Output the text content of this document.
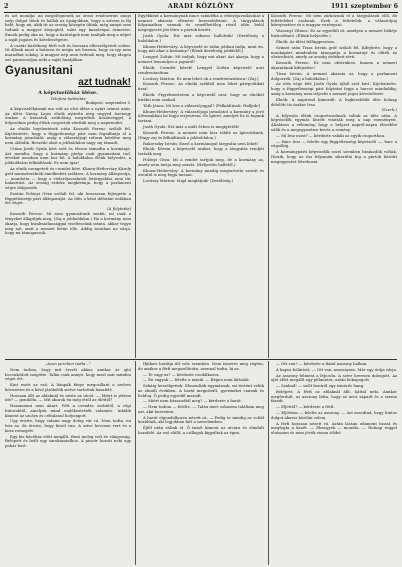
2	ARADI KÖZLÖNY	1911 szeptember 6

és azt mondja: mi megölégnenek az orosz rendszerint annyi szép dolgot látok és hallok az újságokban, hogy a szívem is fáj belé, hogy mi, akik itt az ország közepén ülünk, még annyit sem tudunk a magyar közjogból, mint egy kaszárnyai őrmester. Ennek pedig oka az, hogy a hatóságok nem tanítják meg a népet a saját jogaira és kötelességeire.

A csatár közlékony férfi volt és hosszan elbeszélgetett velem. Itt állunk most a határon és mégis azt hiszem, hogy ez igy nem maradhat sokáig. A magyar nép nem érdemli meg, hogy idegen szó parancsoljon neki a saját hazájában.

Gyanusitani
azt tudnak!
A képviselőház ülése.
Telefoni tudósitás
Budapest, szeptember 5.

A képviselőháznak ma volt az első ülése a nyári szünet után. Az ülést Navay Lajos elnök nyitotta meg negyed tizenegy órakor. A karzatok zsúfolásig megteltek közönséggel, a folyosókon pedig élénk csoportok vitatták meg a napirendet.

Az elnöki bejelentések után Kossuth Ferenc szólalt fel. Kijelentette, hogy a függetlenségi párt nem fogadhatja el a kormány javaslatát, amíg a választójogi reform kérdése meg nem oldódik. Beszéde alatt a jobboldalon nagy zaj támadt.

Utána Justh Gyula kért szót és élesen támadta a kormányt. Azt mondta, hogy a kormány pártja csak gyanusitani tud, érveket azonban nem hoz fel. A baloldalon élénk helyeslés, a jobboldalon felkiáltások: Ez nem igaz!

Az elnök csengetett és csendet kért. Khuen-Héderváry Károly gróf miniszterelnök emelkedett szólásra. A kormány álláspontja, — mondotta — hogy a véderőjavaslatok letárgyalása nem tűr halasztást. Az ország érdeke megkívánja, hogy a parlament végre dolgozzék.

Ezután Polónyi Géza szólalt fel, aki hosszasan fejtegette a függetlenségi párt álláspontját. Az ülés a késő délutáni órákban ért véget.

(A folytatás)

Kossuth Ferenc: Mi nem gyanusítunk senkit, mi csak a tényeket állapítjuk meg. (Zaj a jobboldalon.) Ha a kormány nem akarja, hogy bizalmatlansággal viseltessünk iránta, akkor tegye meg azt, amit a nemzet kíván tőle. Addig azonban ne várja, hogy mi támogassuk.

Egyébként a kormánynak nincs szándéka a véderőjavaslatokat a nemzet akarata ellenére keresztülvinni. A tárgyalások folyamatban vannak és remélhetőleg rövid időn belül megegyezés jön létre a pártok között.

Justh Gyula: Ezt már sokszor hallottuk! (Derültség a baloldalon.)

Khuen-Héderváry: A képviselő úr talán jobban tudja, mint én, hogy mit akar a kormány? (Élénk derültség jobbfelől.)

Lengyel Zoltán: Mi tudjuk, hogy mit akar! Azt akarja, hogy a nemzet lemondjon a jogairól!

Elnök: Csendet kérek! Lengyel Zoltán képviselő urat rendreutasítom.

Lovászy Márton: Ez nem lehet ok a rendreutasításra! (Zaj.)

Kossuth Ferenc: Az elnöki székből nem lehet pártpolitikát űzni!

Elnök: Figyelmeztetem a képviselő urat, hogy az elnököt bírálni nem szabad.

Tóth János: Mi lesz a választójoggal? (Felkiáltások: Halljuk!)

Khuen-Héderváry: A választójogi javaslatot a kormány a jövő ülésszakban be fogja terjeszteni. Ez ígéret, amelyet be is fogunk tartani.

Justh Gyula: Ezt már a múlt évben is megígérték!

Kossuth Ferenc: A nemzet nem hisz többé az ígéreteknek. (Nagy zaj és felkiáltások a jobboldalon.)

Rakovszky István: Ezzel a kormánnyal tárgyalni nem lehet!

Elnök: Kérem a képviselő urakat, hogy a tárgyalás rendjét tartsák meg.

Polónyi Géza: Mi a rendet tartjuk meg, de a kormány az, amely nem tartja meg szavát. (Helyeslés balfelől.)

Khuen-Héderváry: A kormány mindig megtartotta szavát és ezentúl is meg fogja tartani.

Lovászy Márton: Majd meglátjuk! (Derültség.)

Kossuth Ferenc: Mi nem zárkózunk el a tárgyalások elől, de feltételeket szabunk. Ezek a feltételek: a választójog kiterjesztése és a magyar vezényszó.

Vázsonyi Vilmos: Ez az egyedüli út, amelyen a nemzet békéje biztosítható. (Élénk helyeslés.)

Elnök: Az ülést felfüggesztem.

Szünet után Tisza István gróf szólalt fel. Kifejtette, hogy a munkapárt mindenben támogatja a kormányt és elítéli az obstrukciót, amely az ország érdekeit sérti.

Kossuth Ferenc: Ez nem obstrukció, hanem a nemzet akaratának kifejezése!

Tisza István: A nemzet akarata az, hogy a parlament dolgozzék. (Zaj a baloldalon.)

Az ülés vége felé Justh Gyula újból szót kért. Kijelentette, hogy a függetlenségi párt folytatni fogja a harcot mindaddig, amíg a kormány nem teljesíti a nemzet jogos követeléseit.

Elnök: A napirend kimerült. A legközelebbi ülés holnap délelőtt tíz órakor lesz.

(Szerk.)

A folyosón élénk csoportosulások voltak az ülés után. A képviselők egymás között vitatták meg a nap eseményeit. Általános a vélemény, hogy a helyzet napról-napra élesebbé válik és a megegyezésre kevés a remény.

— Mi lesz most? — kérdezte valaki az egyik csoportban.

— Harc lesz — felelte egy függetlenségi képviselő —, harc a végsőkig.

A kormánypárti képviselők ezzel szemben bizakodók voltak. Hiszik, hogy az ősz folyamán sikerülni fog a pártok közötti megegyezést létrehozni.

„Azon percben tudta..."

Nem tudom, hogy mit érzett akkor, amikor az ajtó becsukódott mögötte. Talán csak annyit, hogy most már minden véget ért.

Kint esett az eső. A lámpák fénye megcsillant a nedves kövezeten és a késő járókelők sietve tartottak hazafelé.

Hosszan állt az ablaknál és nézte az utcát. — Miért is jöttem ide? — gondolta. — Mit akarok én még ettől az élettől?

Hazamenni nem akart. Félt a csendes szobától, a régi bútoroktól, amelyek mind emlékeztették valamire. Inkább kiment az utcára és céltalanul bolyongott.

Ugy érezte, hogy valami nagy dolog vár rá. Nem tudta, mi lesz az, de érezte, hogy közel van. A szíve hevesen vert és a keze remegett.

Egy kis kávéház előtt megállt. Bent meleg volt és világosság. Belépett és leült egy sarokasztalhoz. A pincér hozott neki egy pohár bort.

Ifjúkori barátja ült vele szemben. Nem ismerte meg rögtön, de amikor a férfi megszólította, azonnal tudta, ki az.

— Te vagy az? — kérdezte csodálkozva.

— Én vagyok — felelte a másik. — Régen nem láttalak.

Sokáig beszélgettek. Elmondták egymásnak, mi történt velük az elmúlt években. A barát megnősült, gyermekei vannak és boldog. Ő pedig egyedül maradt.

— Miért nem házasodtál meg? — kérdezte a barát.

— Nem tudom — felelte. — Talán mert sohasem találtam meg azt, akit kerestem.

A barát elgondolkozva nézett rá. — Pedig te mindig az voltál közülünk, aki legjobban hitt a szerelemben.

Éjfél után váltak el. Ő ismét kiment az utcára és elindult hazafelé. Az eső elállt, a csillagok kigyúltak az égen.

— Ott van? — kérdezte a fiatal asszony halkan.

A kapus bólintott. — Ott van, asszonyom. Már egy órája várja.

Az asszony felment a lépcsőn. A szíve hevesen dobogott. Az ajtó előtt megállt egy pillanatra, aztán bekopogott.

— Szabad! — szólt bentről egy ismerős hang.

Belépett. A férfi az ablaknál állt, háttal neki. Amikor megfordult, az asszony látta, hogy az arca sápadt és a szeme fáradt.

— Eljöttél? — kérdezte a férfi.

— Eljöttem — felelte az asszony. — Azt mondtad, hogy fontos dolgot akarsz közölni velem.

A férfi hosszan nézett rá. Aztán lassan odament hozzá és megfogta a kezét. — Elmegyek — mondta. — Holnap reggel elutazom és nem jövök vissza többé.
